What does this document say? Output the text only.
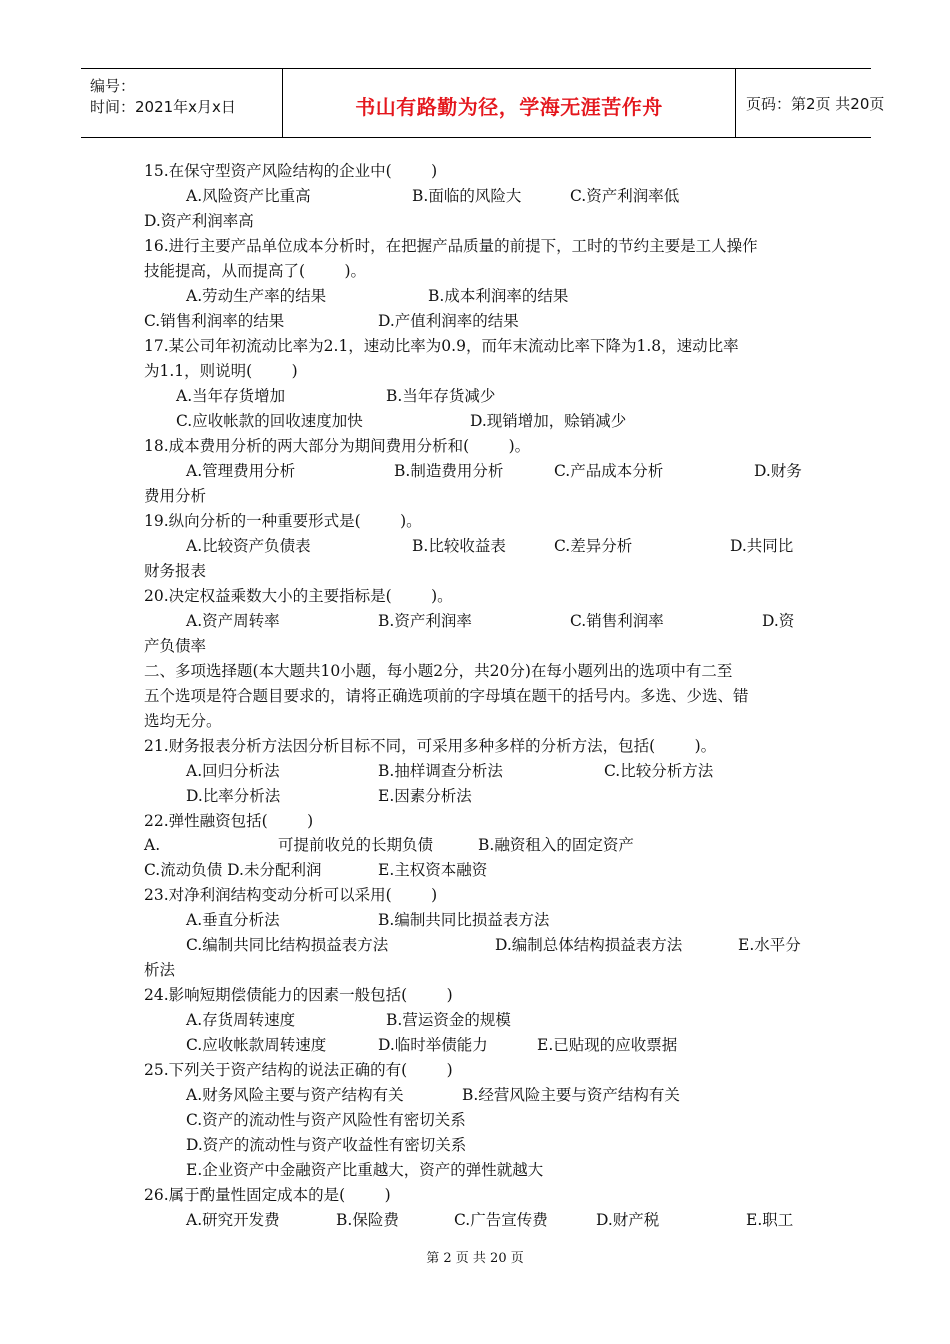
编号：
时间：2021年x月x日	书山有路勤为径，学海无涯苦作舟	页码：第2页 共20页
15.在保守型资产风险结构的企业中(        )
A.风险资产比重高	B.面临的风险大	C.资产利润率低
D.资产利润率高
16.进行主要产品单位成本分析时，在把握产品质量的前提下，工时的节约主要是工人操作
技能提高，从而提高了(        )。
A.劳动生产率的结果	B.成本利润率的结果
C.销售利润率的结果	D.产值利润率的结果
17.某公司年初流动比率为2.1，速动比率为0.9，而年末流动比率下降为1.8，速动比率
为1.1，则说明(        )
A.当年存货增加	B.当年存货减少
C.应收帐款的回收速度加快	D.现销增加，赊销减少
18.成本费用分析的两大部分为期间费用分析和(        )。
A.管理费用分析	B.制造费用分析	C.产品成本分析	D.财务
费用分析
19.纵向分析的一种重要形式是(        )。
A.比较资产负债表	B.比较收益表	C.差异分析	D.共同比
财务报表
20.决定权益乘数大小的主要指标是(        )。
A.资产周转率	B.资产利润率	C.销售利润率	D.资
产负债率
二、多项选择题(本大题共10小题，每小题2分，共20分)在每小题列出的选项中有二至
五个选项是符合题目要求的，请将正确选项前的字母填在题干的括号内。多选、少选、错
选均无分。
21.财务报表分析方法因分析目标不同，可采用多种多样的分析方法，包括(        )。
A.回归分析法	B.抽样调查分析法	C.比较分析方法
D.比率分析法	E.因素分析法
22.弹性融资包括(        )
A.	可提前收兑的长期负债	B.融资租入的固定资产
C.流动负债 D.未分配利润	E.主权资本融资
23.对净利润结构变动分析可以采用(        )
A.垂直分析法	B.编制共同比损益表方法
C.编制共同比结构损益表方法	D.编制总体结构损益表方法	E.水平分
析法
24.影响短期偿债能力的因素一般包括(        )
A.存货周转速度	B.营运资金的规模
C.应收帐款周转速度	D.临时举债能力	E.已贴现的应收票据
25.下列关于资产结构的说法正确的有(        )
A.财务风险主要与资产结构有关	B.经营风险主要与资产结构有关
C.资产的流动性与资产风险性有密切关系
D.资产的流动性与资产收益性有密切关系
E.企业资产中金融资产比重越大，资产的弹性就越大
26.属于酌量性固定成本的是(        )
A.研究开发费	B.保险费	C.广告宣传费	D.财产税	E.职工
第 2 页 共 20 页
